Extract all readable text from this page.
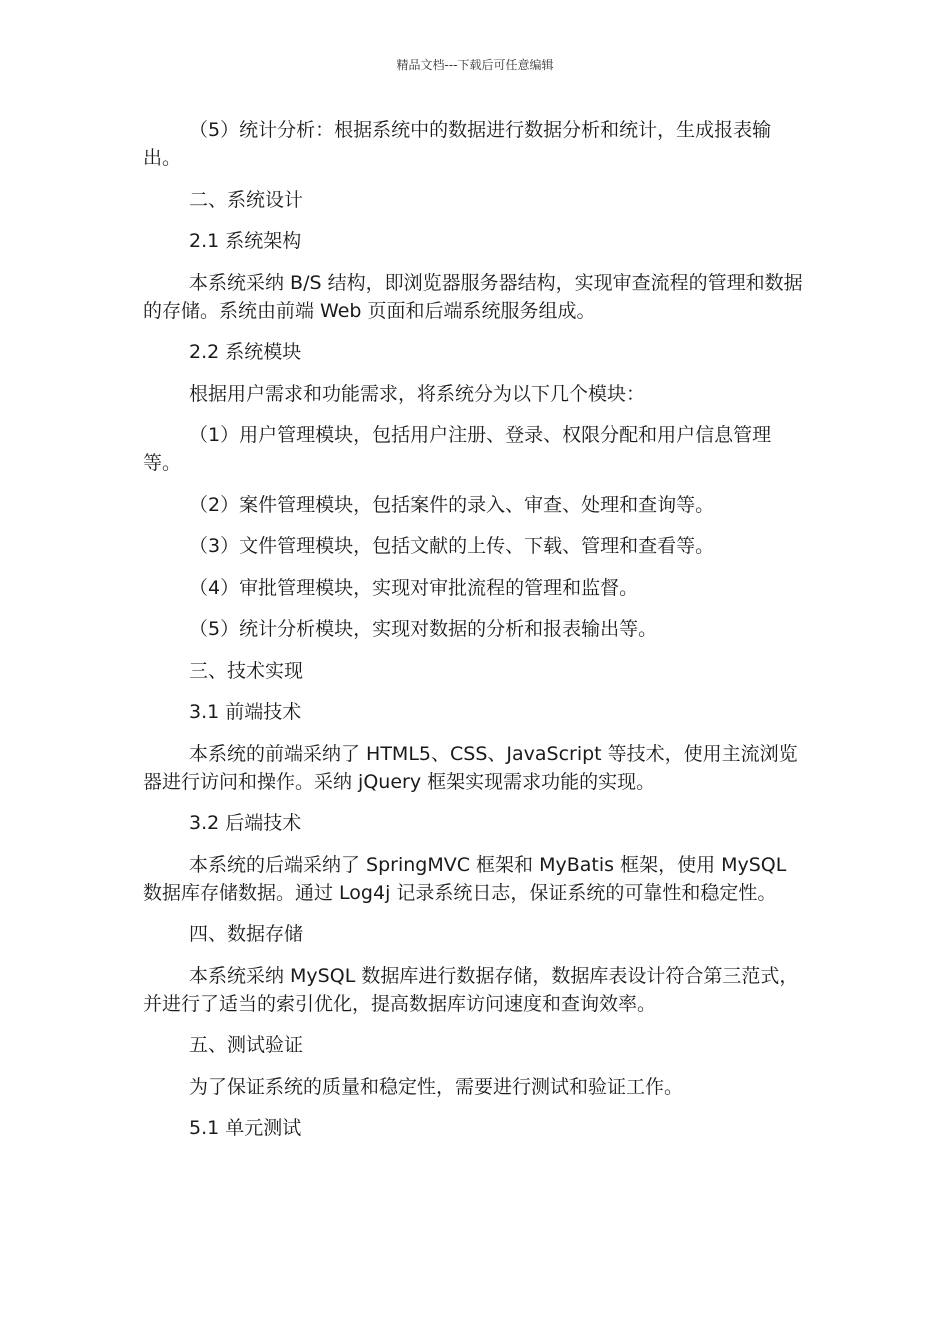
精品文档---下载后可任意编辑

（5）统计分析：根据系统中的数据进行数据分析和统计，生成报表输出。

二、系统设计

2.1 系统架构

本系统采纳 B/S 结构，即浏览器服务器结构，实现审查流程的管理和数据的存储。系统由前端 Web 页面和后端系统服务组成。

2.2 系统模块

根据用户需求和功能需求，将系统分为以下几个模块：

（1）用户管理模块，包括用户注册、登录、权限分配和用户信息管理等。

（2）案件管理模块，包括案件的录入、审查、处理和查询等。

（3）文件管理模块，包括文献的上传、下载、管理和查看等。

（4）审批管理模块，实现对审批流程的管理和监督。

（5）统计分析模块，实现对数据的分析和报表输出等。

三、技术实现

3.1 前端技术

本系统的前端采纳了 HTML5、CSS、JavaScript 等技术，使用主流浏览器进行访问和操作。采纳 jQuery 框架实现需求功能的实现。

3.2 后端技术

本系统的后端采纳了 SpringMVC 框架和 MyBatis 框架，使用 MySQL 数据库存储数据。通过 Log4j 记录系统日志，保证系统的可靠性和稳定性。

四、数据存储

本系统采纳 MySQL 数据库进行数据存储，数据库表设计符合第三范式，并进行了适当的索引优化，提高数据库访问速度和查询效率。

五、测试验证

为了保证系统的质量和稳定性，需要进行测试和验证工作。

5.1 单元测试
